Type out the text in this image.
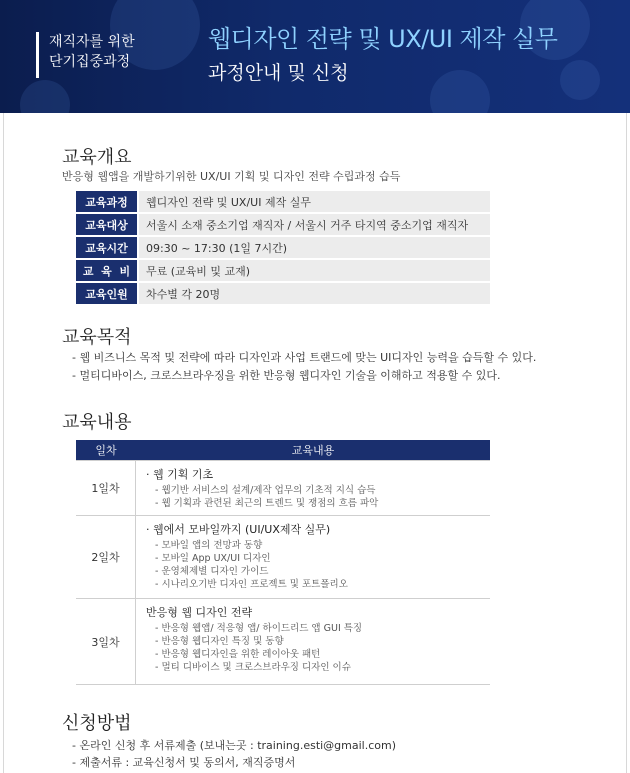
재직자를 위한
단기집중과정
웹디자인 전략 및 UX/UI 제작 실무
과정안내 및 신청
교육개요
반응형 웹앱을 개발하기위한 UX/UI 기획 및 디자인 전략 수립과정 습득
교육과정	웹디자인 전략 및 UX/UI 제작 실무
교육대상	서울시 소재 중소기업 재직자 / 서울시 거주 타지역 중소기업 재직자
교육시간	09:30 ~ 17:30 (1일 7시간)
교  육  비	무료 (교육비 및 교재)
교육인원	차수별 각 20명
교육목적
- 웹 비즈니스 목적 및 전략에 따라 디자인과 사업 트랜드에 맞는 UI디자인 능력을 습득할 수 있다.
- 멀티디바이스, 크로스브라우징을 위한 반응형 웹디자인 기술을 이해하고 적용할 수 있다.
교육내용
일차	교육내용
1일차
· 웹 기획 기초
- 웹기반 서비스의 설계/제작 업무의 기초적 지식 습득
- 웹 기획과 관련된 최근의 트렌드 및 쟁점의 흐름 파악
2일차
· 웹에서 모바일까지 (UI/UX제작 실무)
- 모바일 앱의 전망과 동향
- 모바일 App UX/UI 디자인
- 운영체제별 디자인 가이드
- 시나리오기반 디자인 프로젝트 및 포트폴리오
3일차
반응형 웹 디자인 전략
- 반응형 웹앱/ 적응형 앱/ 하이드리드 앱 GUI 특징
- 반응형 웹디자인 특징 및 동향
- 반응형 웹디자인을 위한 레이아웃 패턴
- 멀티 디바이스 및 크로스브라우징 디자인 이슈
신청방법
- 온라인 신청 후 서류제출 (보내는곳 : training.esti@gmail.com)
- 제출서류 : 교육신청서 및 동의서, 재직증명서
